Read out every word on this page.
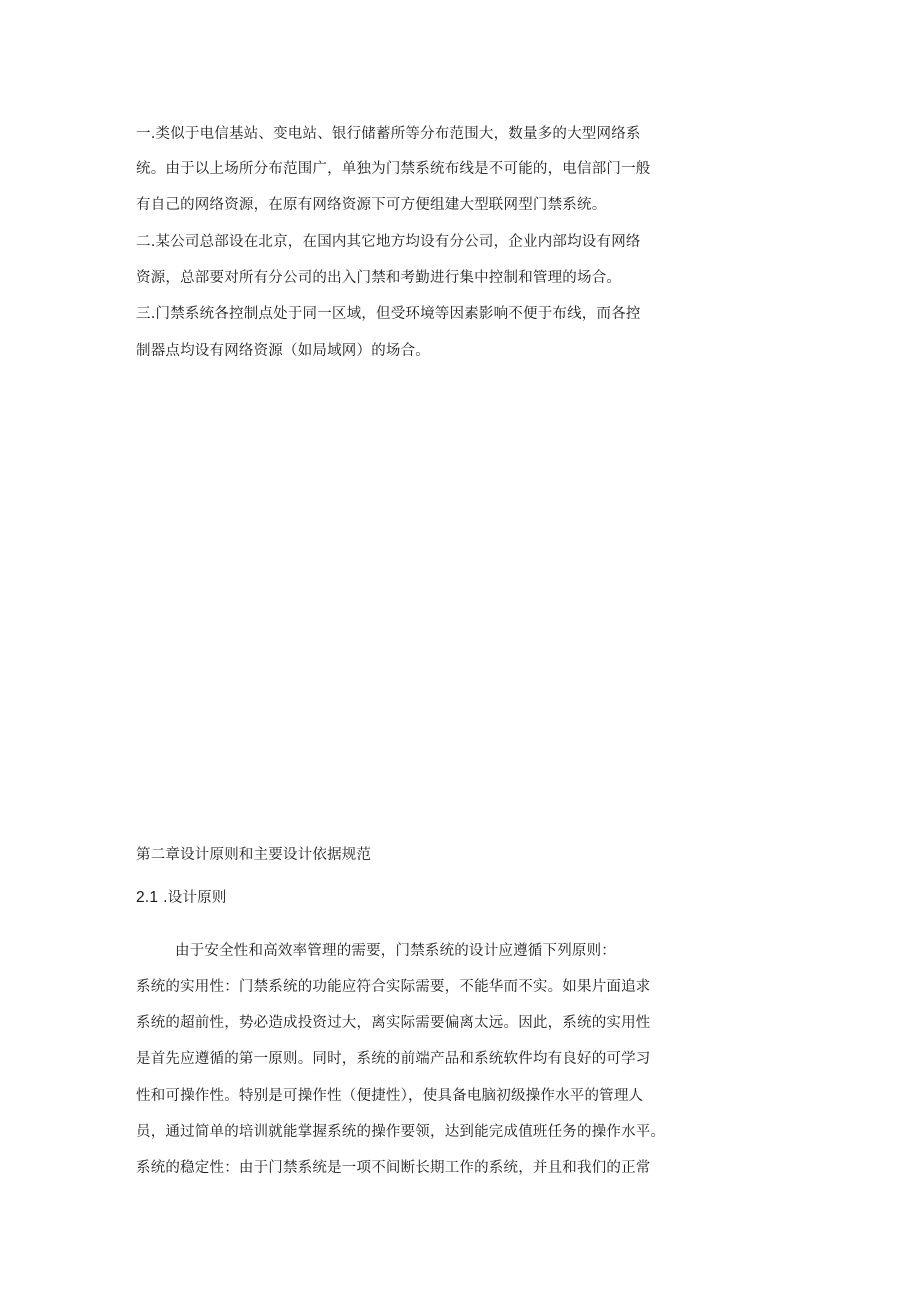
一.类似于电信基站、变电站、银行储蓄所等分布范围大，数量多的大型网络系
统。由于以上场所分布范围广，单独为门禁系统布线是不可能的，电信部门一般
有自己的网络资源，在原有网络资源下可方便组建大型联网型门禁系统。
二.某公司总部设在北京，在国内其它地方均设有分公司，企业内部均设有网络
资源，总部要对所有分公司的出入门禁和考勤进行集中控制和管理的场合。
三.门禁系统各控制点处于同一区域，但受环境等因素影响不便于布线，而各控
制器点均设有网络资源（如局域网）的场合。
第二章设计原则和主要设计依据规范
2.1 .设计原则
由于安全性和高效率管理的需要，门禁系统的设计应遵循下列原则：
系统的实用性：门禁系统的功能应符合实际需要，不能华而不实。如果片面追求
系统的超前性，势必造成投资过大，离实际需要偏离太远。因此，系统的实用性
是首先应遵循的第一原则。同时，系统的前端产品和系统软件均有良好的可学习
性和可操作性。特别是可操作性（便捷性），使具备电脑初级操作水平的管理人
员，通过简单的培训就能掌握系统的操作要领，达到能完成值班任务的操作水平。
系统的稳定性：由于门禁系统是一项不间断长期工作的系统，并且和我们的正常
